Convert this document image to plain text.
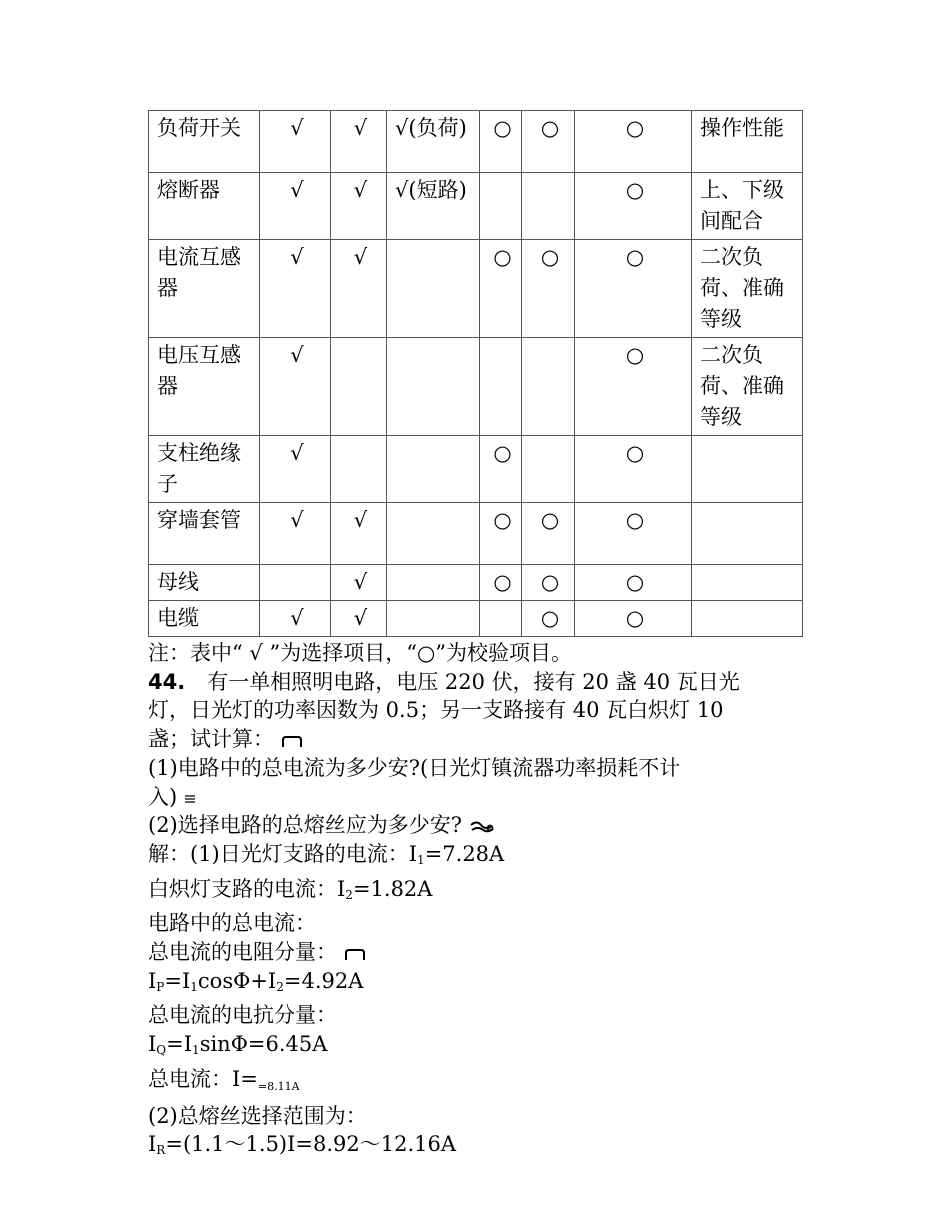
负荷开关	√	√	√(负荷)	○	○	○	操作性能
熔断器	√	√	√(短路)			○	上、下级间配合
电流互感器	√	√		○	○	○	二次负荷、准确等级
电压互感器	√					○	二次负荷、准确等级
支柱绝缘子	√			○		○	
穿墙套管	√	√		○	○	○	
母线		√		○	○	○	
电缆	√	√			○	○	
注：表中“ √ ”为选择项目，“○”为校验项目。
44. 有一单相照明电路，电压 220 伏，接有 20 盏 40 瓦日光
灯，日光灯的功率因数为 0.5；另一支路接有 40 瓦白炽灯 10
盏；试计算：
(1)电路中的总电流为多少安?(日光灯镇流器功率损耗不计
入)
(2)选择电路的总熔丝应为多少安?
解：(1)日光灯支路的电流：$I_1=7.28A$
白炽灯支路的电流：$I_2=1.82A$
电路中的总电流：
总电流的电阻分量：
$I_P=I_1\cos\Phi+I_2=4.92A$
总电流的电抗分量：
$I_Q=I_1\sin\Phi=6.45A$
总电流：I==8.11A
(2)总熔丝选择范围为：
$I_R=(1.1\sim 1.5)I=8.92\sim 12.16A$
